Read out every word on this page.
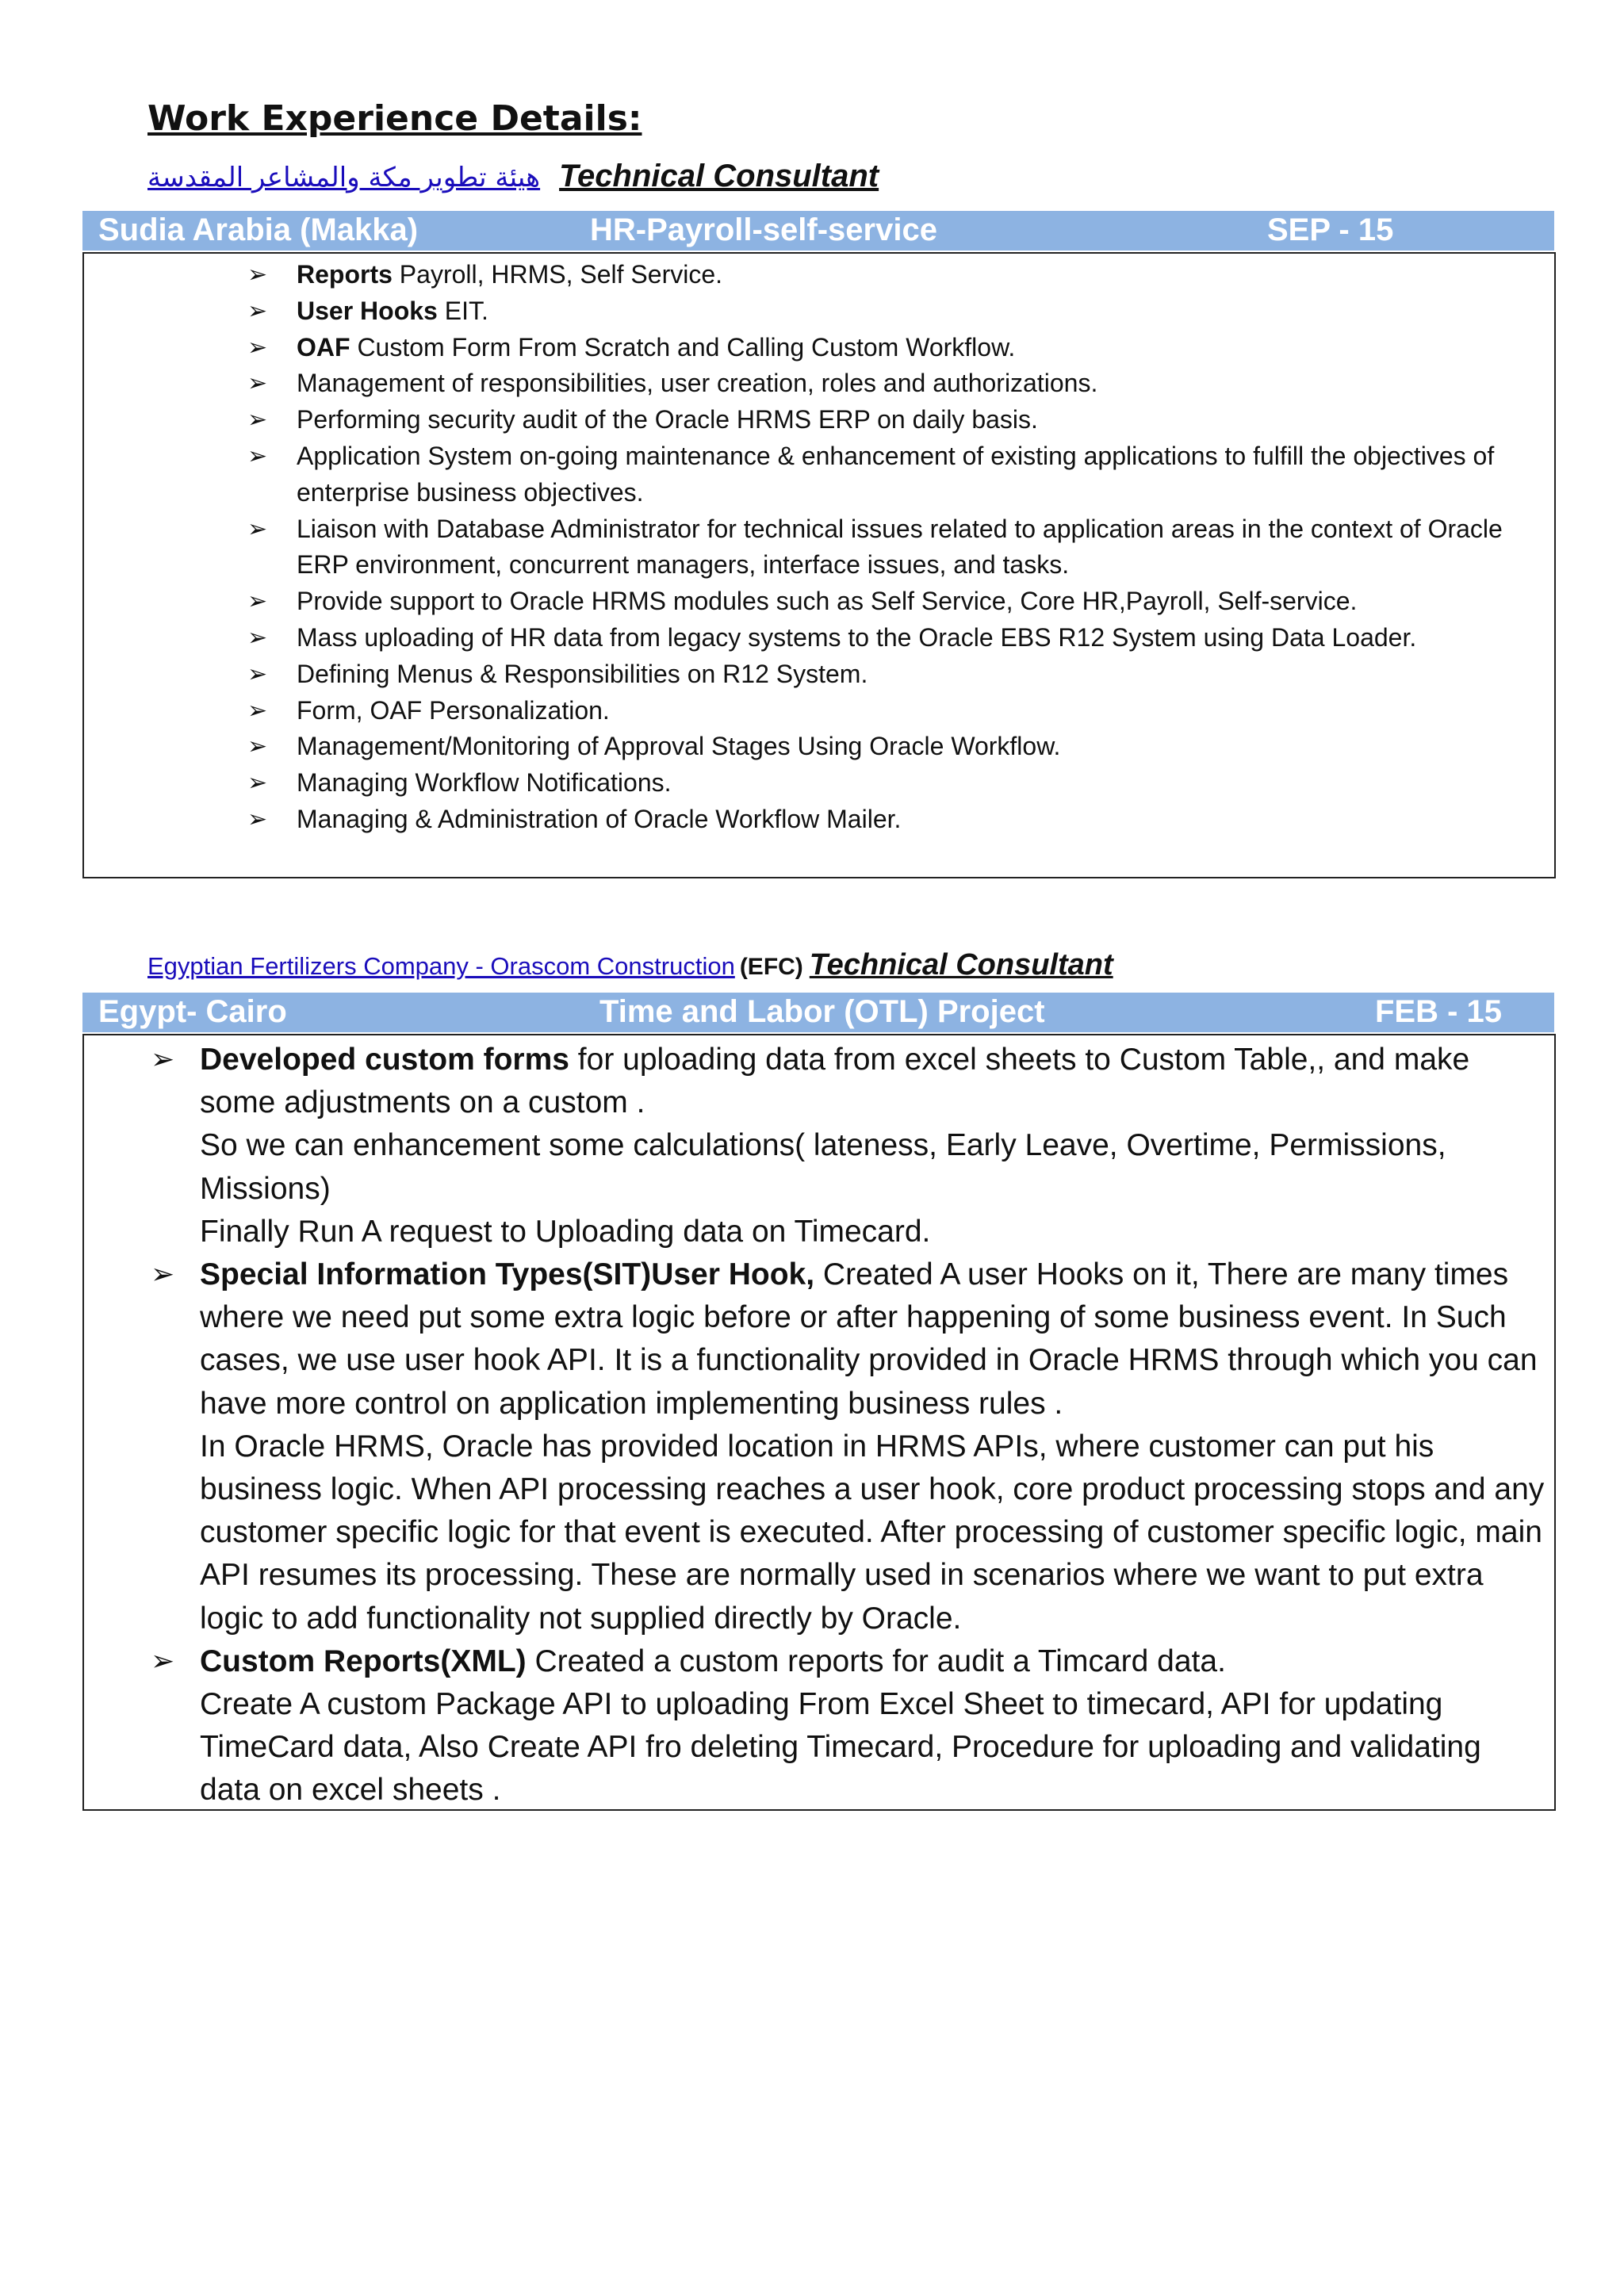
Work Experience Details:
هيئة تطوير مكة والمشاعر المقدسة Technical Consultant
Sudia Arabia (Makka)	HR-Payroll-self-service	SEP - 15
➢ Reports Payroll, HRMS, Self Service.
➢ User Hooks EIT.
➢ OAF Custom Form From Scratch and Calling Custom Workflow.
➢ Management of responsibilities, user creation, roles and authorizations.
➢ Performing security audit of the Oracle HRMS ERP on daily basis.
➢ Application System on-going maintenance & enhancement of existing applications to fulfill the objectives of enterprise business objectives.
➢ Liaison with Database Administrator for technical issues related to application areas in the context of Oracle ERP environment, concurrent managers, interface issues, and tasks.
➢ Provide support to Oracle HRMS modules such as Self Service, Core HR,Payroll, Self-service.
➢ Mass uploading of HR data from legacy systems to the Oracle EBS R12 System using Data Loader.
➢ Defining Menus & Responsibilities on R12 System.
➢ Form, OAF Personalization.
➢ Management/Monitoring of Approval Stages Using Oracle Workflow.
➢ Managing Workflow Notifications.
➢ Managing & Administration of Oracle Workflow Mailer.
Egyptian Fertilizers Company - Orascom Construction (EFC) Technical Consultant
Egypt- Cairo	Time and Labor (OTL) Project	FEB - 15
➢ Developed custom forms for uploading data from excel sheets to Custom Table,, and make some adjustments on a custom .
So we can enhancement some calculations( lateness, Early Leave, Overtime, Permissions, Missions)
Finally Run A request to Uploading data on Timecard.
➢ Special Information Types(SIT)User Hook, Created A user Hooks on it, There are many times where we need put some extra logic before or after happening of some business event. In Such cases, we use user hook API. It is a functionality provided in Oracle HRMS through which you can have more control on application implementing business rules .
In Oracle HRMS, Oracle has provided location in HRMS APIs, where customer can put his business logic. When API processing reaches a user hook, core product processing stops and any customer specific logic for that event is executed. After processing of customer specific logic, main API resumes its processing. These are normally used in scenarios where we want to put extra logic to add functionality not supplied directly by Oracle.
➢ Custom Reports(XML) Created a custom reports for audit a Timcard data.
Create A custom Package API to uploading From Excel Sheet to timecard, API for updating TimeCard data, Also Create API fro deleting Timecard, Procedure for uploading and validating data on excel sheets .
